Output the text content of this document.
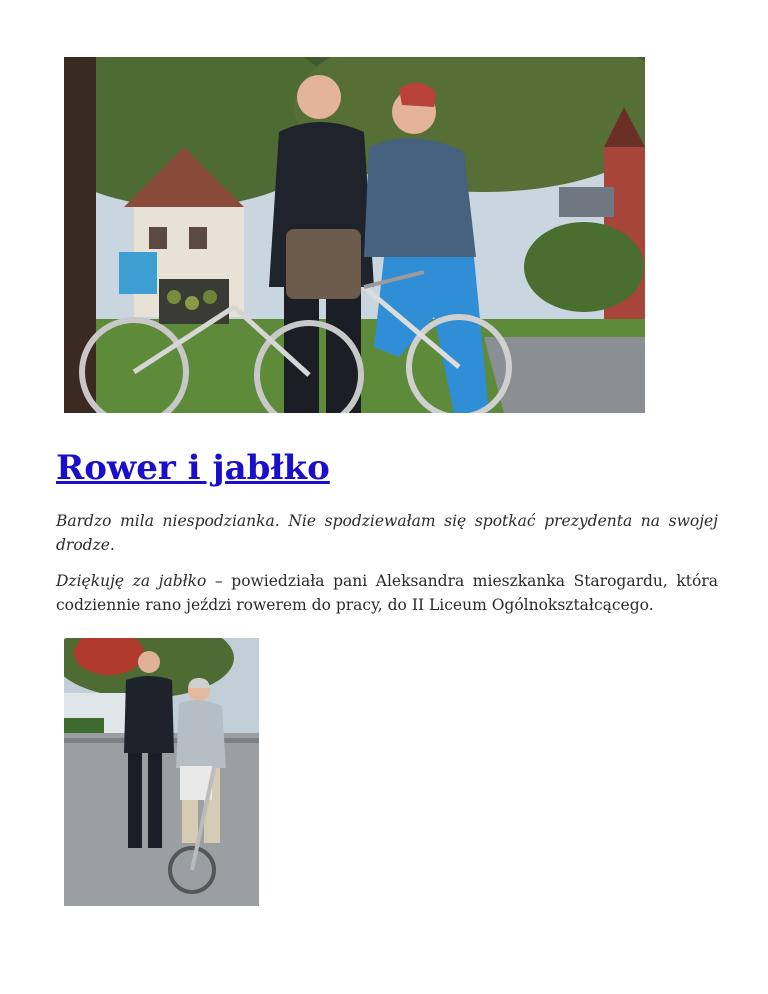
Rower i jabłko

Bardzo mila niespodzianka. Nie spodziewałam się spotkać prezydenta na swojej drodze.

Dziękuję za jabłko – powiedziała pani Aleksandra mieszkanka Starogardu, która codziennie rano jeździ rowerem do pracy, do II Liceum Ogólnokształcącego.
